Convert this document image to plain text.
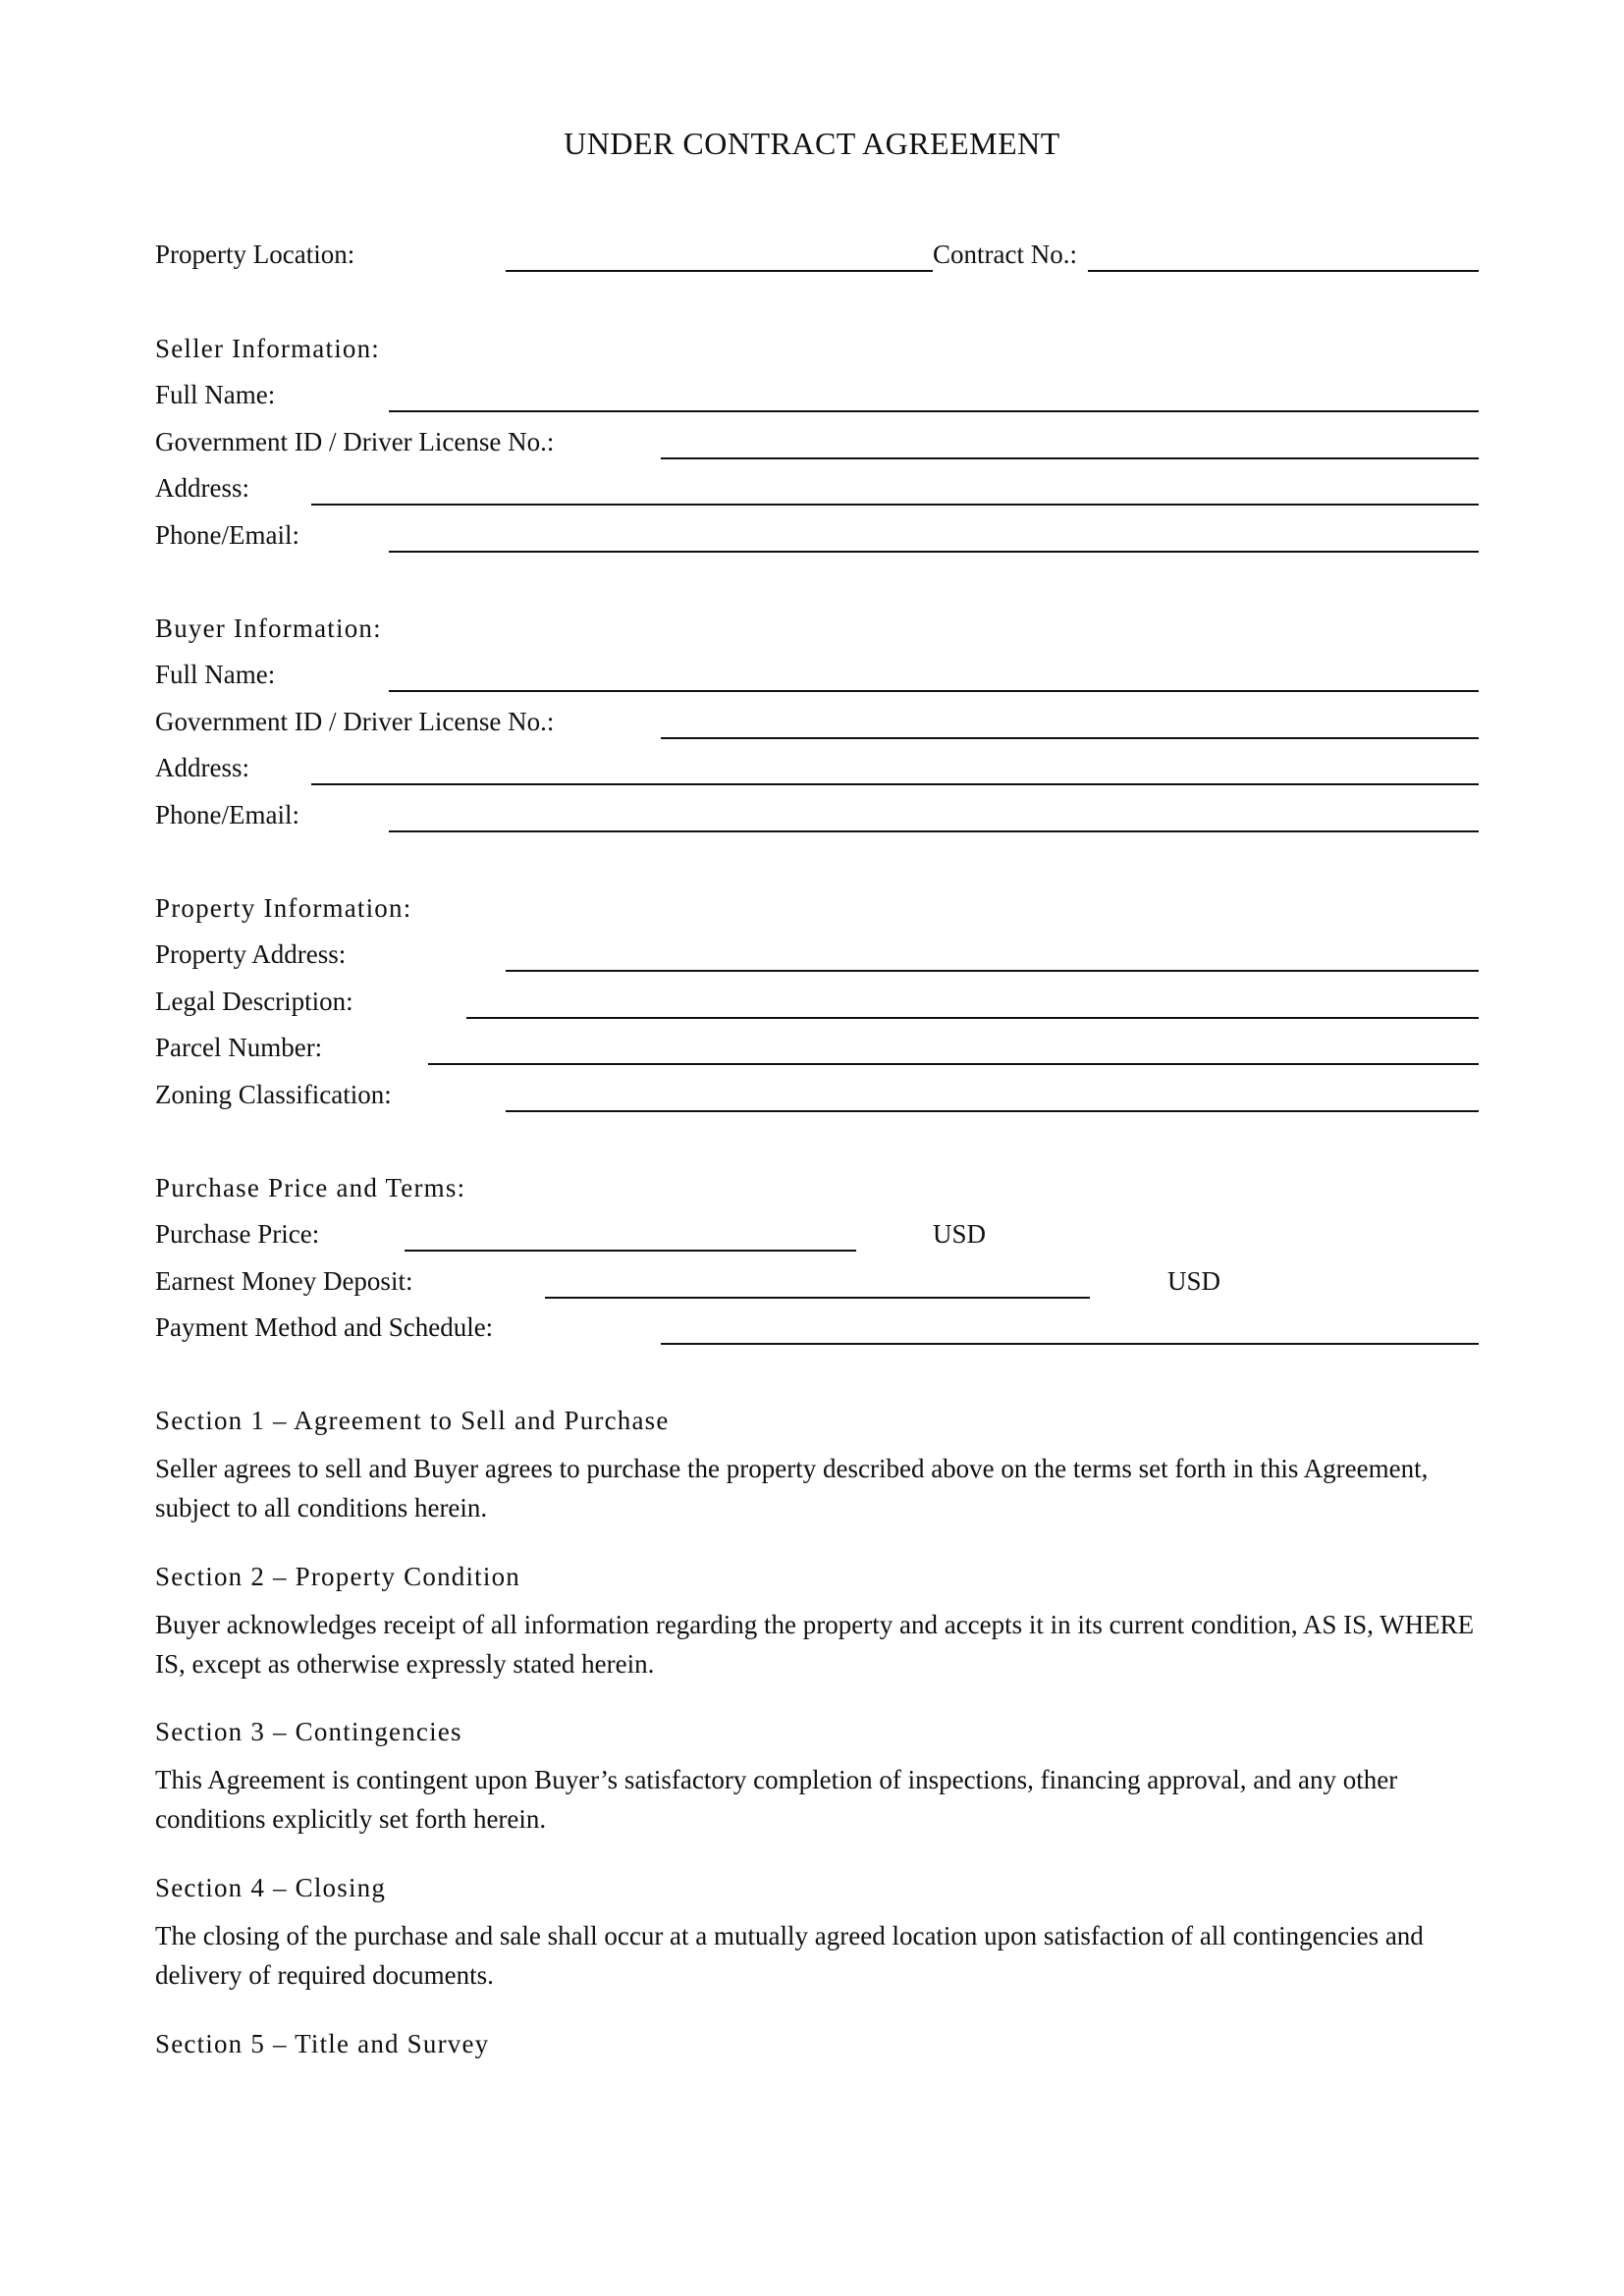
UNDER CONTRACT AGREEMENT
Property Location:	Contract No.:
Seller Information:
Full Name:
Government ID / Driver License No.:
Address:
Phone/Email:
Buyer Information:
Full Name:
Government ID / Driver License No.:
Address:
Phone/Email:
Property Information:
Property Address:
Legal Description:
Parcel Number:
Zoning Classification:
Purchase Price and Terms:
Purchase Price:	USD
Earnest Money Deposit:	USD
Payment Method and Schedule:
Section 1 – Agreement to Sell and Purchase
Seller agrees to sell and Buyer agrees to purchase the property described above on the terms set forth in this Agreement, subject to all conditions herein.
Section 2 – Property Condition
Buyer acknowledges receipt of all information regarding the property and accepts it in its current condition, AS IS, WHERE IS, except as otherwise expressly stated herein.
Section 3 – Contingencies
This Agreement is contingent upon Buyer’s satisfactory completion of inspections, financing approval, and any other conditions explicitly set forth herein.
Section 4 – Closing
The closing of the purchase and sale shall occur at a mutually agreed location upon satisfaction of all contingencies and delivery of required documents.
Section 5 – Title and Survey
